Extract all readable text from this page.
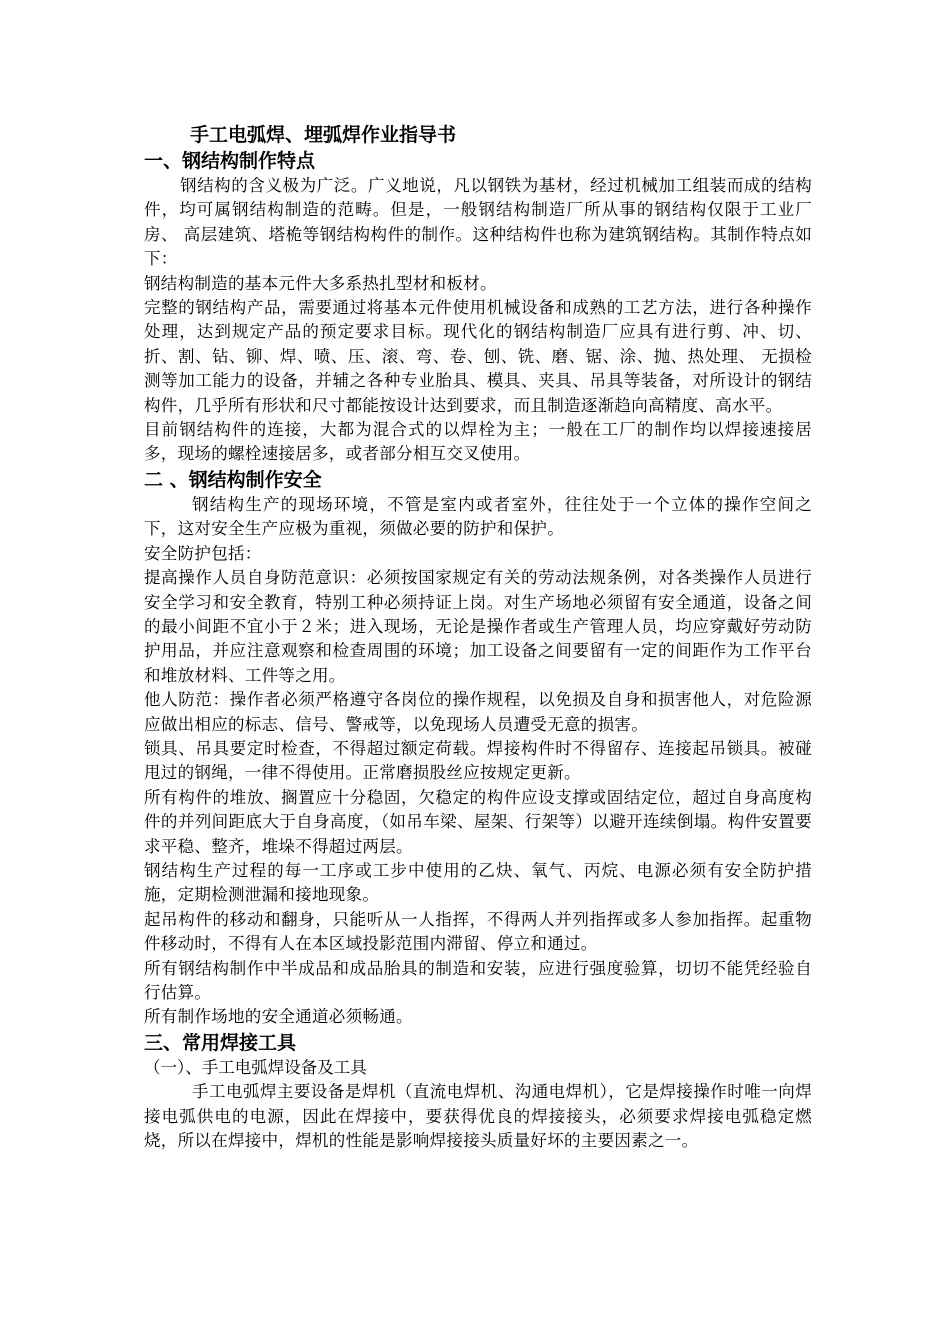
手工电弧焊、埋弧焊作业指导书
一、钢结构制作特点

钢结构的含义极为广泛。广义地说，凡以钢铁为基材，经过机械加工组装而成的结构件，均可属钢结构制造的范畴。但是，一般钢结构制造厂所从事的钢结构仅限于工业厂房、 高层建筑、塔桅等钢结构构件的制作。这种结构件也称为建筑钢结构。其制作特点如下：

钢结构制造的基本元件大多系热扎型材和板材。

完整的钢结构产品，需要通过将基本元件使用机械设备和成熟的工艺方法，进行各种操作处理，达到规定产品的预定要求目标。现代化的钢结构制造厂应具有进行剪、冲、切、折、割、钻、铆、焊、喷、压、滚、弯、卷、刨、铣、磨、锯、涂、抛、热处理、 无损检测等加工能力的设备，并辅之各种专业胎具、模具、夹具、吊具等装备，对所设计的钢结构件，几乎所有形状和尺寸都能按设计达到要求，而且制造逐渐趋向高精度、高水平。

目前钢结构件的连接，大都为混合式的以焊栓为主；一般在工厂的制作均以焊接速接居多，现场的螺栓速接居多，或者部分相互交叉使用。

二 、钢结构制作安全

钢结构生产的现场环境，不管是室内或者室外，往往处于一个立体的操作空间之下，这对安全生产应极为重视，须做必要的防护和保护。

安全防护包括：

提高操作人员自身防范意识：必须按国家规定有关的劳动法规条例，对各类操作人员进行安全学习和安全教育，特别工种必须持证上岗。对生产场地必须留有安全通道，设备之间的最小间距不宜小于２米；进入现场，无论是操作者或生产管理人员，均应穿戴好劳动防护用品，并应注意观察和检查周围的环境；加工设备之间要留有一定的间距作为工作平台和堆放材料、工件等之用。

他人防范：操作者必须严格遵守各岗位的操作规程，以免损及自身和损害他人，对危险源应做出相应的标志、信号、警戒等，以免现场人员遭受无意的损害。

锁具、吊具要定时检查，不得超过额定荷载。焊接构件时不得留存、连接起吊锁具。被碰甩过的钢绳，一律不得使用。正常磨损股丝应按规定更新。

所有构件的堆放、搁置应十分稳固，欠稳定的构件应设支撑或固结定位，超过自身高度构件的并列间距底大于自身高度，（如吊车梁、屋架、行架等）以避开连续倒塌。构件安置要求平稳、整齐，堆垛不得超过两层。

钢结构生产过程的每一工序或工步中使用的乙炔、氧气、丙烷、电源必须有安全防护措施，定期检测泄漏和接地现象。

起吊构件的移动和翻身，只能听从一人指挥，不得两人并列指挥或多人参加指挥。起重物件移动时，不得有人在本区域投影范围内滞留、停立和通过。

所有钢结构制作中半成品和成品胎具的制造和安装，应进行强度验算，切切不能凭经验自行估算。

所有制作场地的安全通道必须畅通。

三、常用焊接工具

（一）、手工电弧焊设备及工具

手工电弧焊主要设备是焊机（直流电焊机、沟通电焊机），它是焊接操作时唯一向焊接电弧供电的电源，因此在焊接中，要获得优良的焊接接头，必须要求焊接电弧稳定燃烧，所以在焊接中，焊机的性能是影响焊接接头质量好坏的主要因素之一。
